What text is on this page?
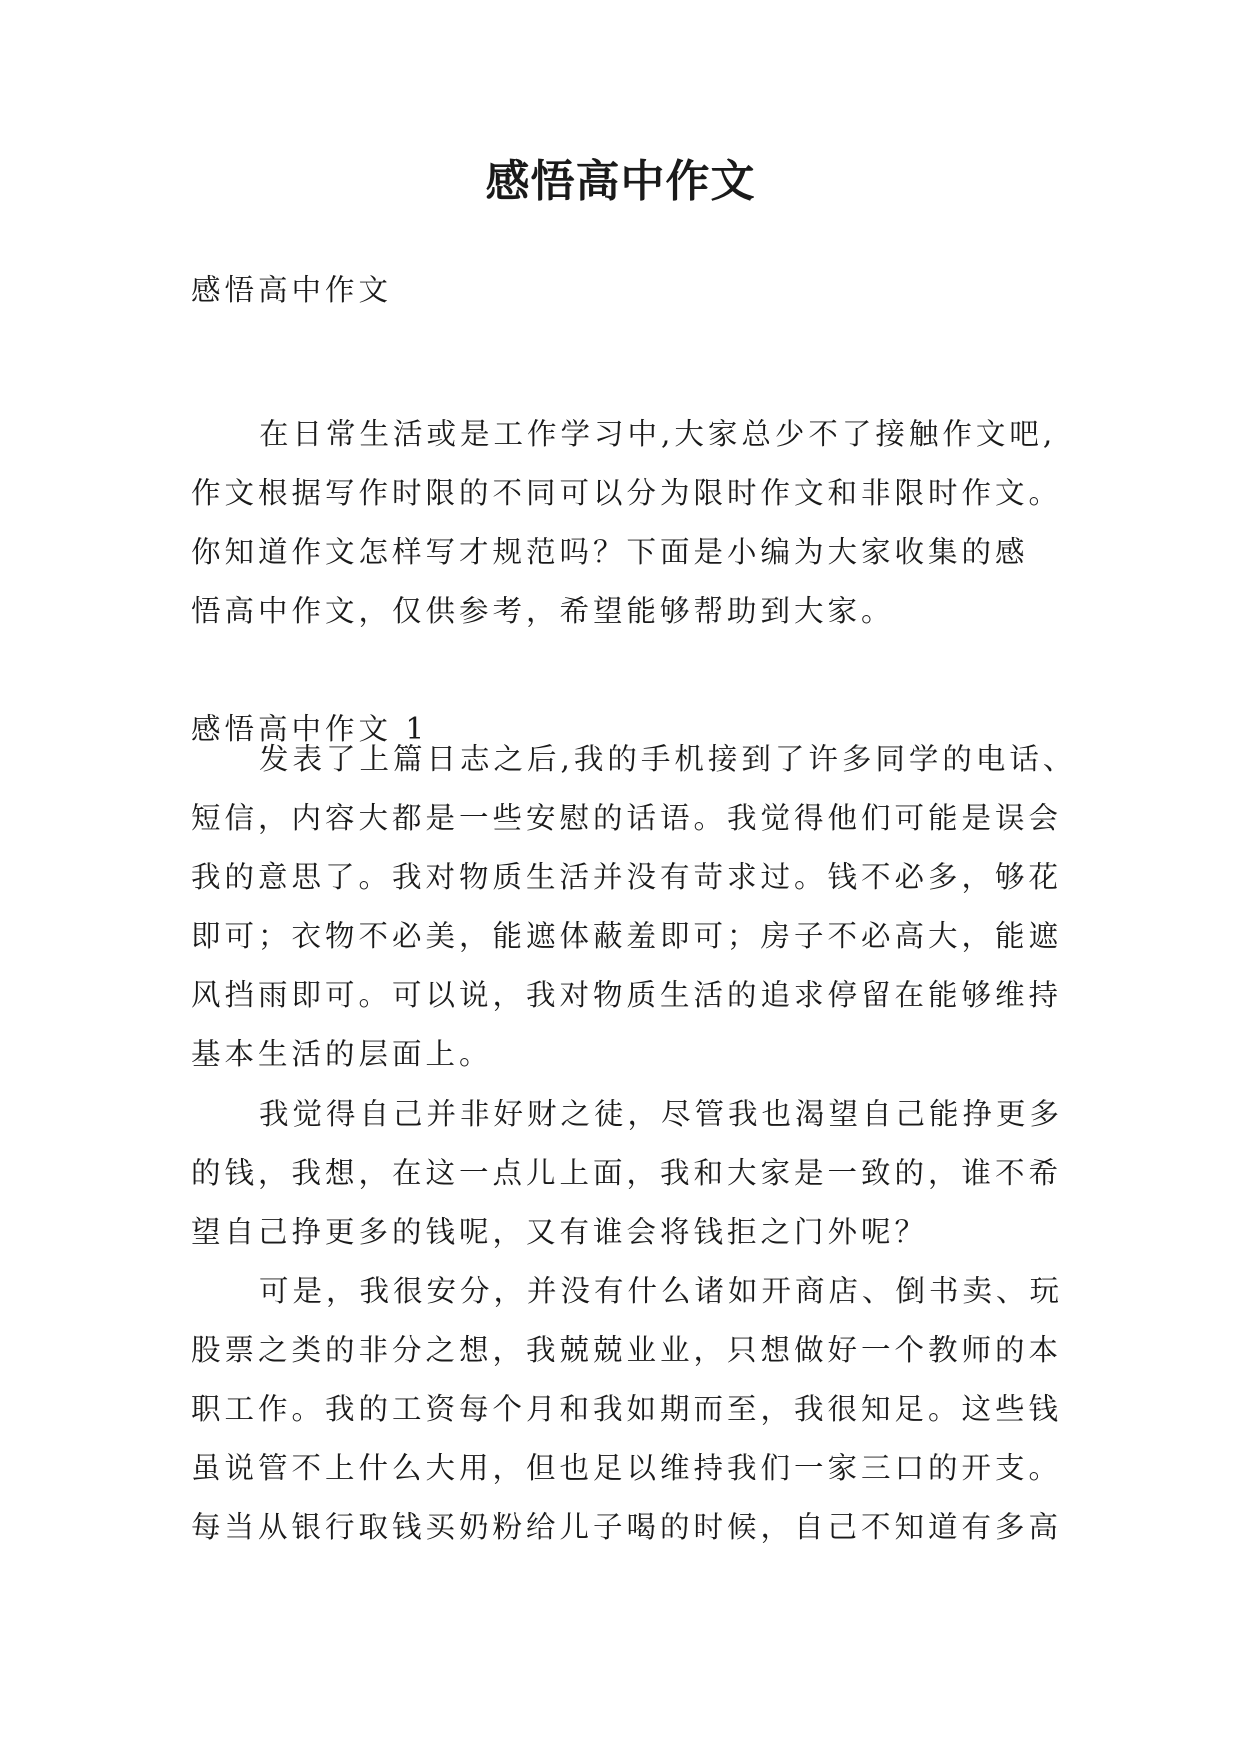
感悟高中作文

感悟高中作文

在日常生活或是工作学习中,大家总少不了接触作文吧,
作文根据写作时限的不同可以分为限时作文和非限时作文。
你知道作文怎样写才规范吗？下面是小编为大家收集的感
悟高中作文，仅供参考，希望能够帮助到大家。

感悟高中作文 1

发表了上篇日志之后,我的手机接到了许多同学的电话、
短信，内容大都是一些安慰的话语。我觉得他们可能是误会
我的意思了。我对物质生活并没有苛求过。钱不必多，够花
即可；衣物不必美，能遮体蔽羞即可；房子不必高大，能遮
风挡雨即可。可以说，我对物质生活的追求停留在能够维持
基本生活的层面上。

我觉得自己并非好财之徒，尽管我也渴望自己能挣更多
的钱，我想，在这一点儿上面，我和大家是一致的，谁不希
望自己挣更多的钱呢，又有谁会将钱拒之门外呢？

可是，我很安分，并没有什么诸如开商店、倒书卖、玩
股票之类的非分之想，我兢兢业业，只想做好一个教师的本
职工作。我的工资每个月和我如期而至，我很知足。这些钱
虽说管不上什么大用，但也足以维持我们一家三口的开支。
每当从银行取钱买奶粉给儿子喝的时候，自己不知道有多高
